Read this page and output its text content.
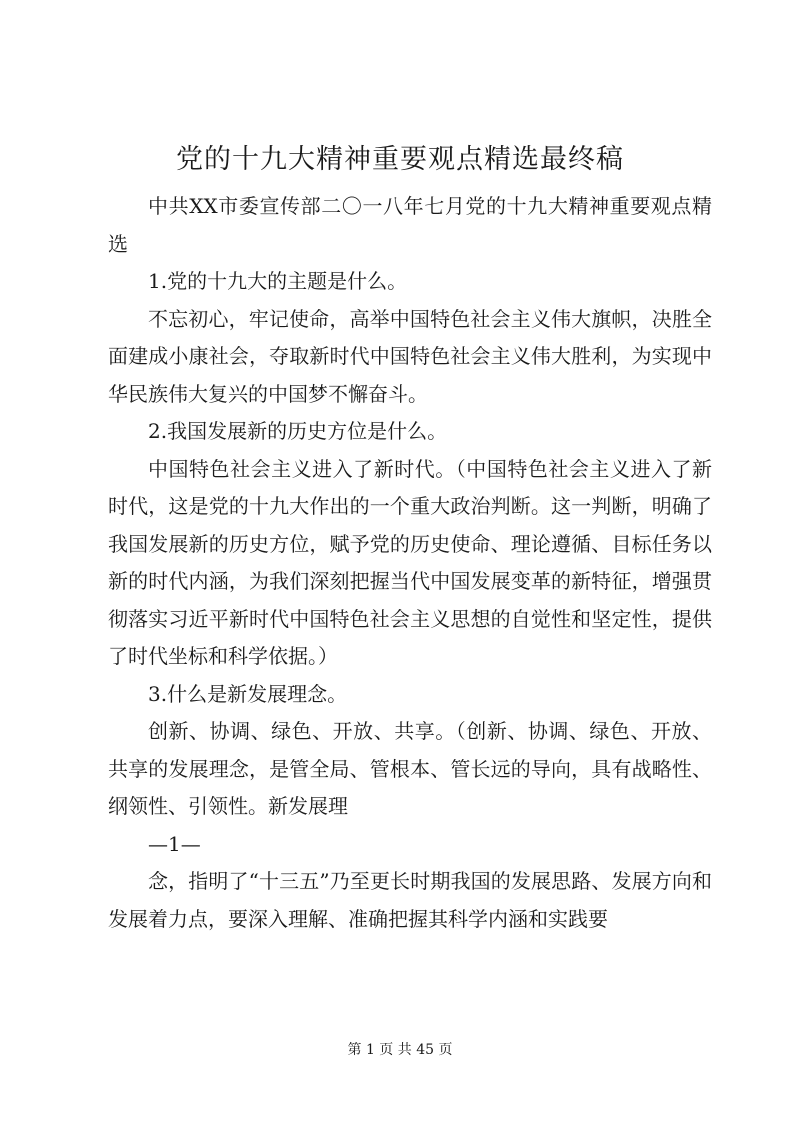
党的十九大精神重要观点精选最终稿

中共XX市委宣传部二〇一八年七月党的十九大精神重要观点精选

1.党的十九大的主题是什么。

不忘初心，牢记使命，高举中国特色社会主义伟大旗帜，决胜全面建成小康社会，夺取新时代中国特色社会主义伟大胜利，为实现中华民族伟大复兴的中国梦不懈奋斗。

2.我国发展新的历史方位是什么。

中国特色社会主义进入了新时代。（中国特色社会主义进入了新时代，这是党的十九大作出的一个重大政治判断。这一判断，明确了我国发展新的历史方位，赋予党的历史使命、理论遵循、目标任务以新的时代内涵，为我们深刻把握当代中国发展变革的新特征，增强贯彻落实习近平新时代中国特色社会主义思想的自觉性和坚定性，提供了时代坐标和科学依据。）

3.什么是新发展理念。

创新、协调、绿色、开放、共享。（创新、协调、绿色、开放、共享的发展理念，是管全局、管根本、管长远的导向，具有战略性、纲领性、引领性。新发展理

—1—

念，指明了“十三五”乃至更长时期我国的发展思路、发展方向和发展着力点，要深入理解、准确把握其科学内涵和实践要

第 1 页 共 45 页
